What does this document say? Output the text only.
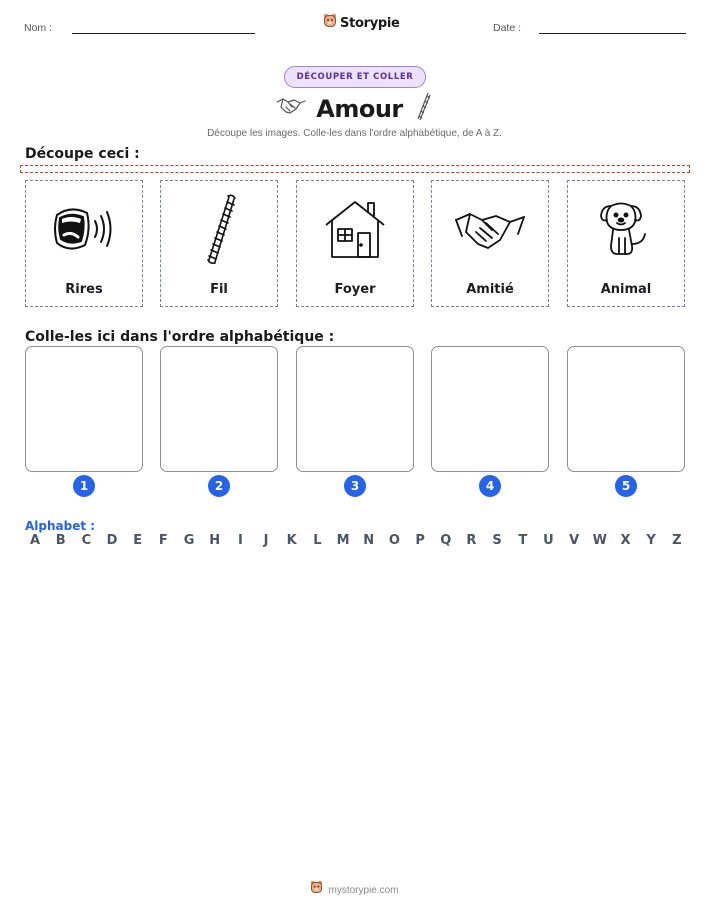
Nom :	Storypie	Date :
DÉCOUPER ET COLLER
Amour
Découpe les images. Colle-les dans l'ordre alphabétique, de A à Z.
Découpe ceci :
Rires	Fil	Foyer	Amitié	Animal
Colle-les ici dans l'ordre alphabétique :
1	2	3	4	5
Alphabet :
A	B	C	D	E	F	G H	I	J	K	L	M N O	P	Q	R	S	T	U	V	W	X	Y	Z
mystorypie.com
